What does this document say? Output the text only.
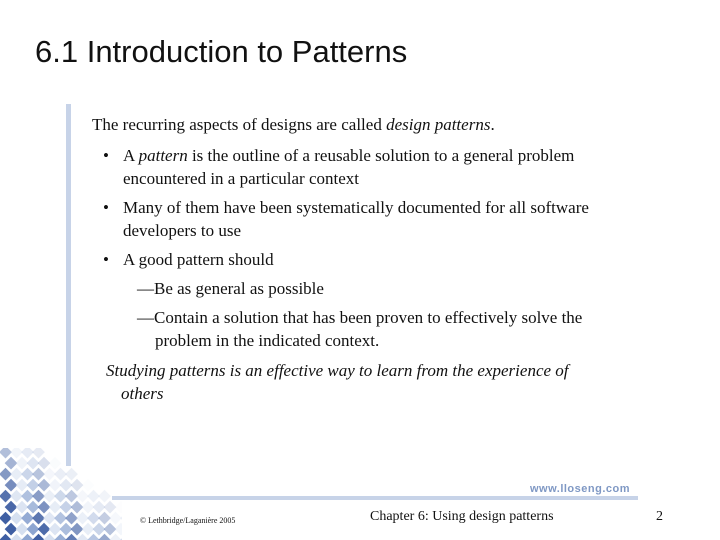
6.1 Introduction to Patterns
The recurring aspects of designs are called design patterns.
• A pattern is the outline of a reusable solution to a general problem
encountered in a particular context
• Many of them have been systematically documented for all software
developers to use
• A good pattern should
—Be as general as possible
—Contain a solution that has been proven to effectively solve the
problem in the indicated context.
Studying patterns is an effective way to learn from the experience of
others
www.lloseng.com
© Lethbridge/Laganière 2005	Chapter 6: Using design patterns	2
